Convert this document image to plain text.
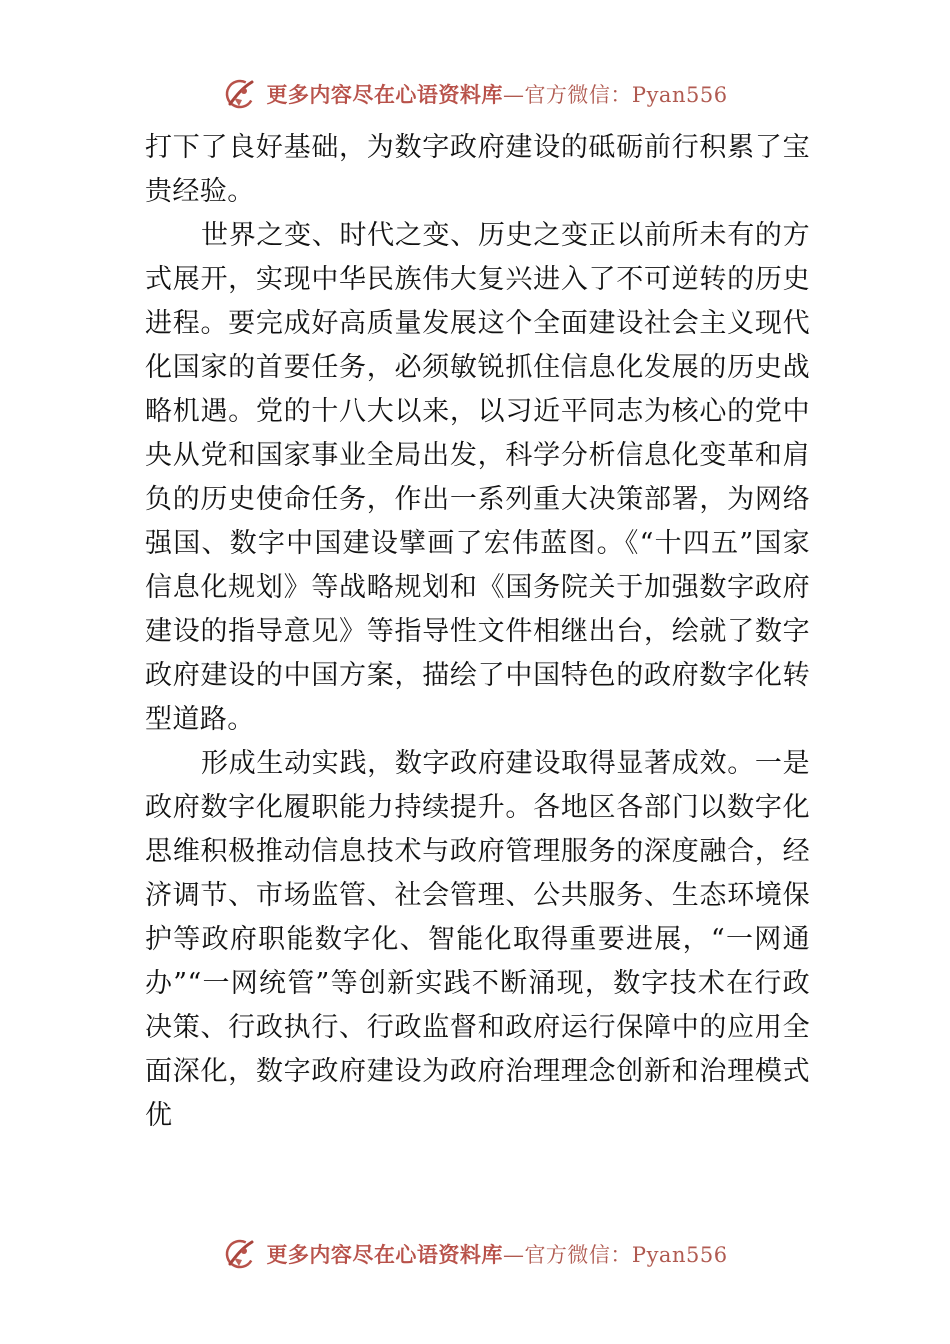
更多内容尽在心语资料库—官方微信：Pyan556

打下了良好基础，为数字政府建设的砥砺前行积累了宝贵经验。

世界之变、时代之变、历史之变正以前所未有的方式展开，实现中华民族伟大复兴进入了不可逆转的历史进程。要完成好高质量发展这个全面建设社会主义现代化国家的首要任务，必须敏锐抓住信息化发展的历史战略机遇。党的十八大以来，以习近平同志为核心的党中央从党和国家事业全局出发，科学分析信息化变革和肩负的历史使命任务，作出一系列重大决策部署，为网络强国、数字中国建设擘画了宏伟蓝图。《“十四五”国家信息化规划》等战略规划和《国务院关于加强数字政府建设的指导意见》等指导性文件相继出台，绘就了数字政府建设的中国方案，描绘了中国特色的政府数字化转型道路。

形成生动实践，数字政府建设取得显著成效。一是政府数字化履职能力持续提升。各地区各部门以数字化思维积极推动信息技术与政府管理服务的深度融合，经济调节、市场监管、社会管理、公共服务、生态环境保护等政府职能数字化、智能化取得重要进展，“一网通办”“一网统管”等创新实践不断涌现，数字技术在行政决策、行政执行、行政监督和政府运行保障中的应用全面深化，数字政府建设为政府治理理念创新和治理模式优

更多内容尽在心语资料库—官方微信：Pyan556
